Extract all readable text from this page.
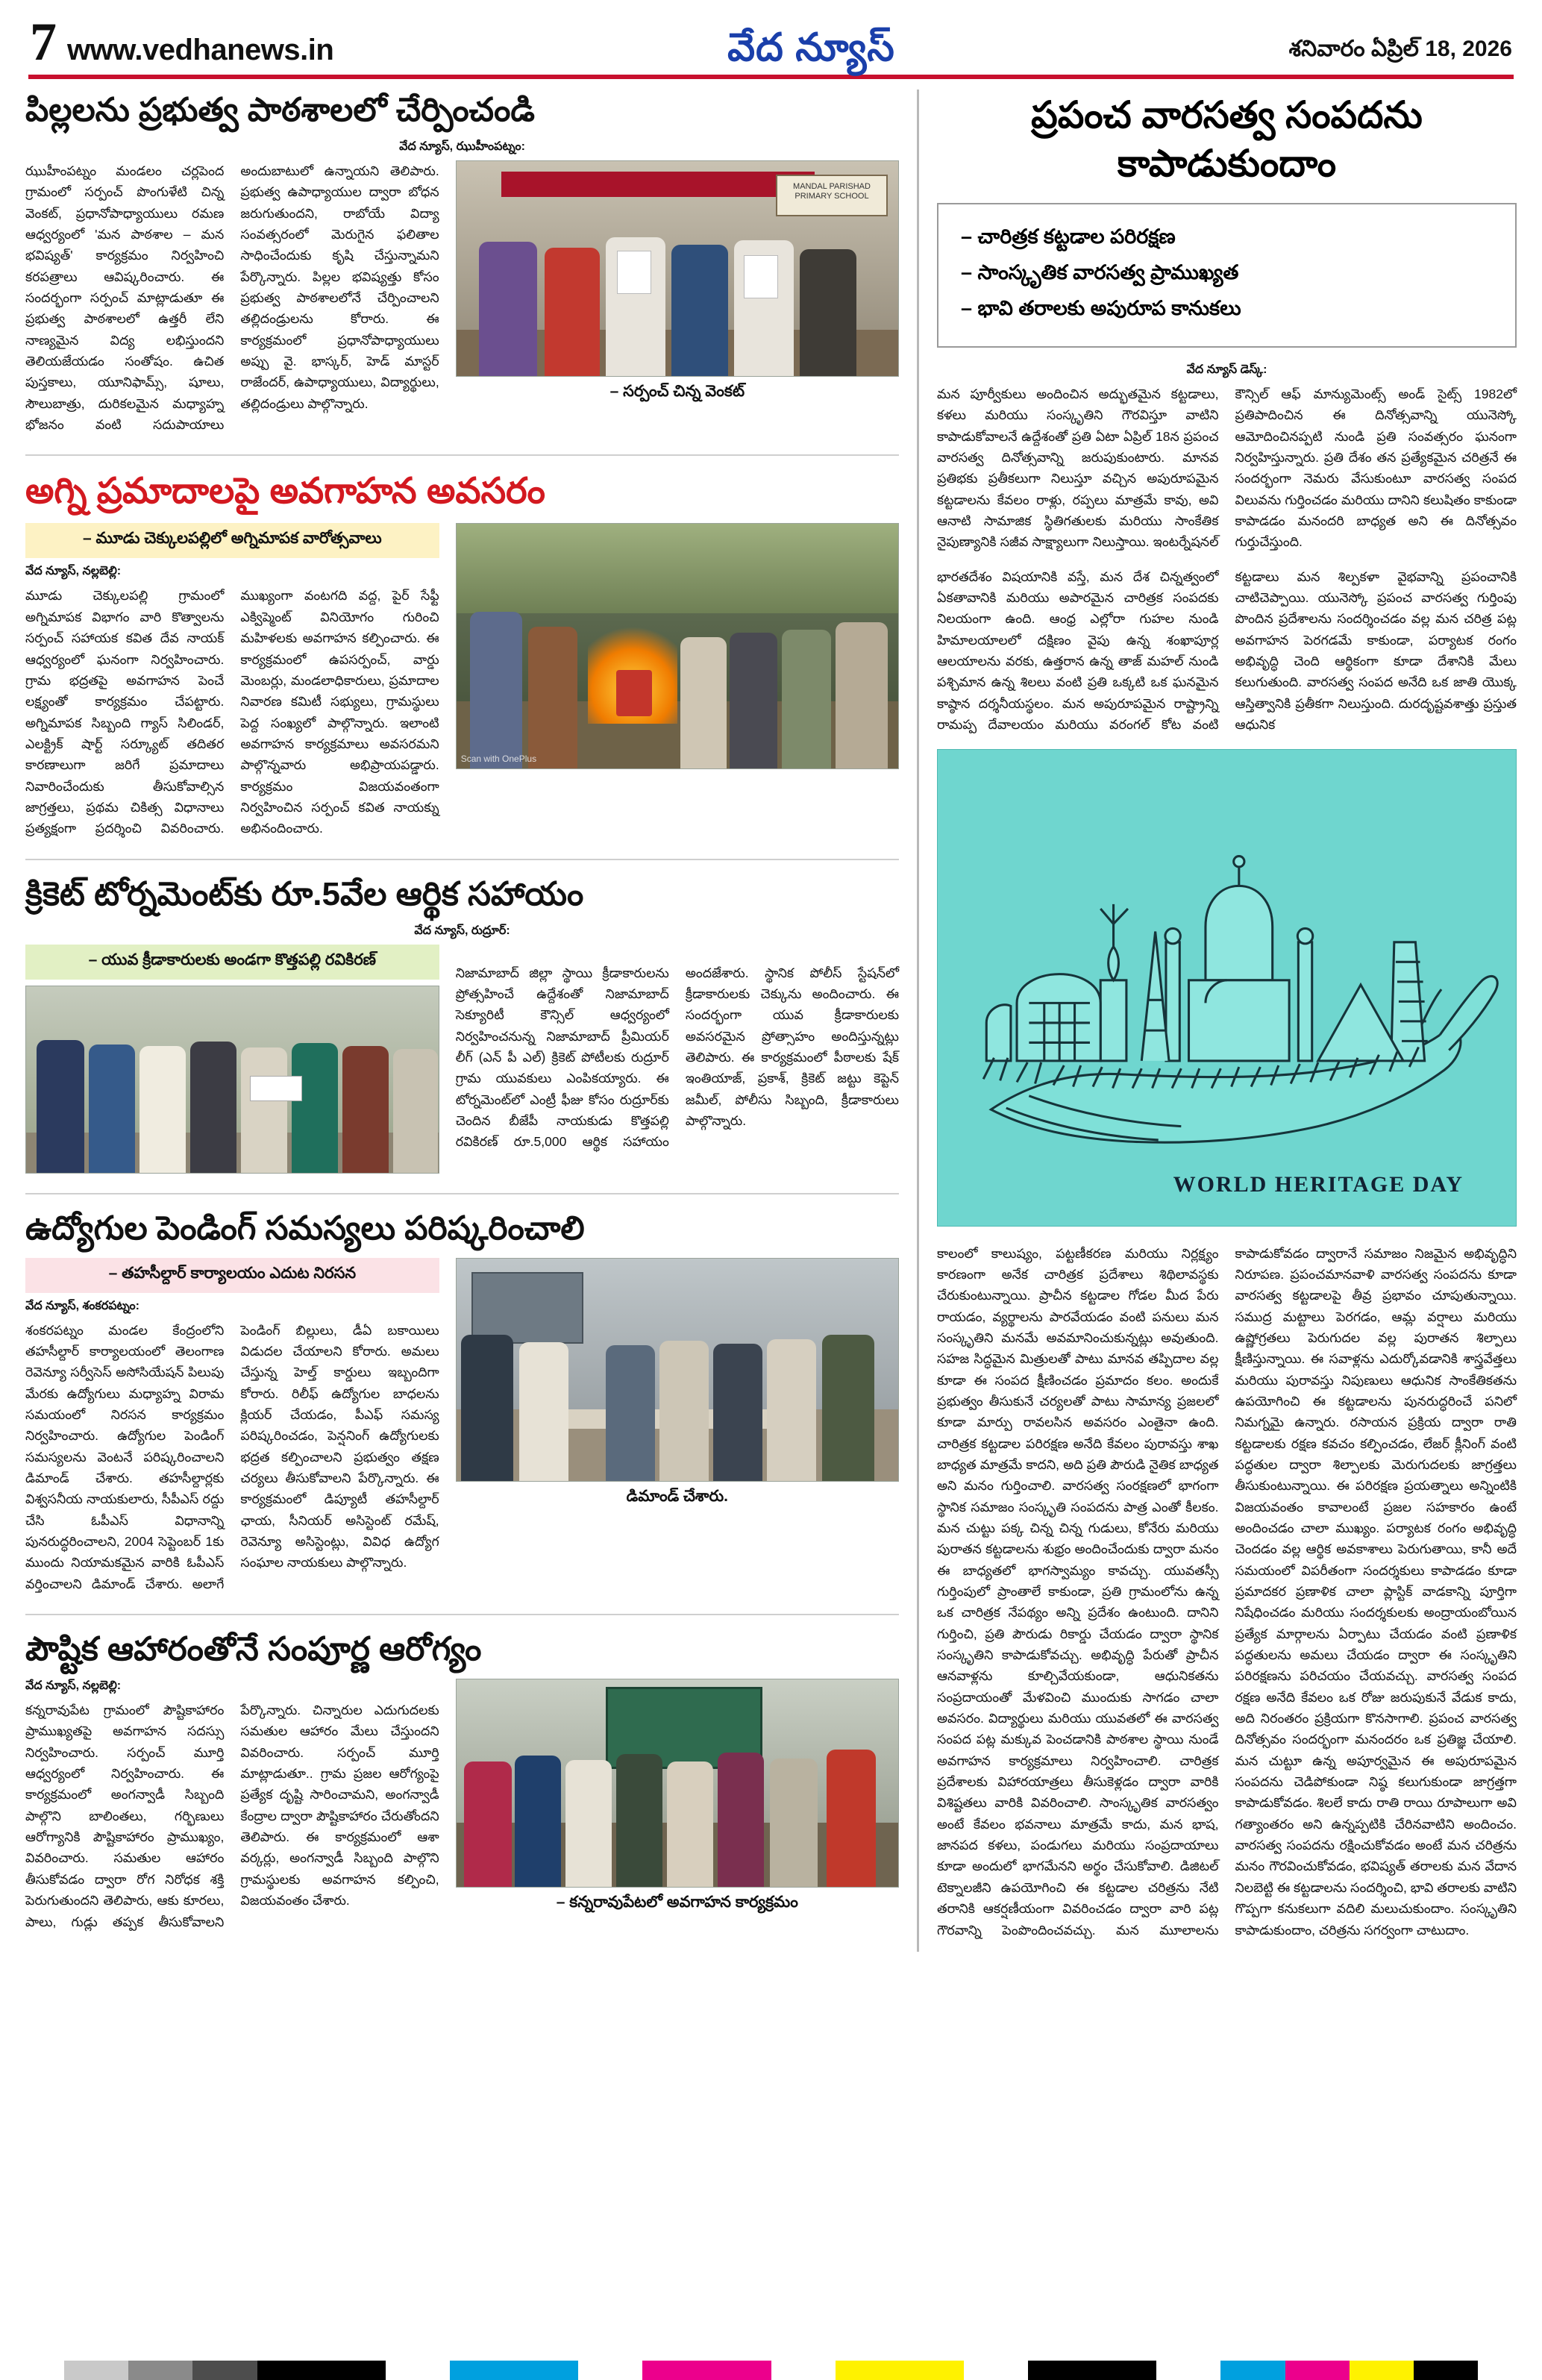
7 www.vedhanews.in	వేద న్యూస్	శనివారం ఏప్రిల్ 18, 2026
పిల్లలను ప్రభుత్వ పాఠశాలలో చేర్పించండి
వేద న్యూస్, ఝుహీంపట్నం:
ఝుహీంపట్నం మండలం చర్లపెంద గ్రామంలో సర్పంచ్ పొంగుళేటి చిన్న వెంకట్, ప్రధానోపాధ్యాయులు రమణ ఆధ్వర్యంలో 'మన పాఠశాల – మన భవిష్యత్' కార్యక్రమం నిర్వహించి కరపత్రాలు ఆవిష్కరించారు. ఈ సందర్భంగా సర్పంచ్ మాట్లాడుతూ ఈ ప్రభుత్వ పాఠశాలలో ఉత్తరీ లేని నాణ్యమైన విద్య లభిస్తుందని తెలియజేయడం సంతోషం. ఉచిత పుస్తకాలు, యూనిఫామ్స్, షూలు, సౌలుబాత్రు, దురికలమైన మధ్యాహ్న భోజనం వంటి సదుపాయాలు అందుబాటులో ఉన్నాయని తెలిపారు. ప్రభుత్వ ఉపాధ్యాయుల ద్వారా బోధన జరుగుతుందని, రాబోయే విద్యా సంవత్సరంలో మెరుగైన ఫలితాల సాధించేందుకు కృషి చేస్తున్నామని పేర్కొన్నారు. పిల్లల భవిష్యత్తు కోసం ప్రభుత్వ పాఠశాలలోనే చేర్పించాలని తల్లిదండ్రులను కోరారు. ఈ కార్యక్రమంలో ప్రధానోపాధ్యాయులు అప్పు వై. భాస్కర్, హెడ్ మాస్టర్ రాజేందర్, ఉపాధ్యాయులు, విద్యార్థులు, తల్లిదండ్రులు పాల్గొన్నారు.
MANDAL PARISHAD PRIMARY SCHOOL
– సర్పంచ్ చిన్న వెంకట్
అగ్ని ప్రమాదాలపై అవగాహన అవసరం
– మూడు చెక్కులపల్లిలో అగ్నిమాపక వారోత్సవాలు
వేద న్యూస్, నల్లబెల్లి:
మూడు చెక్కులపల్లి గ్రామంలో అగ్నిమాపక విభాగం వారి కొత్వాలను సర్పంచ్ సహాయక కవిత దేవ నాయక్ ఆధ్వర్యంలో ఘనంగా నిర్వహించారు. గ్రామ భద్రతపై అవగాహన పెంచే లక్ష్యంతో కార్యక్రమం చేపట్టారు. అగ్నిమాపక సిబ్బంది గ్యాస్ సిలిండర్, ఎలక్ట్రిక్ షార్ట్ సర్క్యూట్ తదితర కారణాలుగా జరిగే ప్రమాదాలు నివారించేందుకు తీసుకోవాల్సిన జాగ్రత్తలు, ప్రథమ చికిత్స విధానాలు ప్రత్యక్షంగా ప్రదర్శించి వివరించారు. ముఖ్యంగా వంటగది వద్ద, పైర్ సేఫ్టీ ఎక్విప్మెంట్ వినియోగం గురించి మహిళలకు అవగాహన కల్పించారు. ఈ కార్యక్రమంలో ఉపసర్పంచ్, వార్డు మెంబర్లు, మండలాధికారులు, ప్రమాదాల నివారణ కమిటీ సభ్యులు, గ్రామస్థులు పెద్ద సంఖ్యలో పాల్గొన్నారు. ఇలాంటి అవగాహన కార్యక్రమాలు అవసరమని పాల్గొన్నవారు అభిప్రాయపడ్డారు. కార్యక్రమం విజయవంతంగా నిర్వహించిన సర్పంచ్ కవిత నాయక్ను అభినందించారు.
Scan with OnePlus
క్రికెట్ టోర్నమెంట్‌కు రూ.5వేల ఆర్థిక సహాయం
వేద న్యూస్, రుద్రూర్:
– యువ క్రీడాకారులకు అండగా కొత్తపల్లి రవికిరణ్
నిజామాబాద్ జిల్లా స్థాయి క్రీడాకారులను ప్రోత్సహించే ఉద్దేశంతో నిజామాబాద్ సెక్యూరిటీ కౌన్సిల్ ఆధ్వర్యంలో నిర్వహించనున్న నిజామాబాద్ ప్రీమియర్ లీగ్ (ఎన్ పీ ఎల్) క్రికెట్ పోటీలకు రుద్రూర్ గ్రామ యువకులు ఎంపికయ్యారు. ఈ టోర్నమెంట్‌లో ఎంట్రీ ఫీజు కోసం రుద్రూర్‌కు చెందిన బీజేపీ నాయకుడు కొత్తపల్లి రవికిరణ్ రూ.5,000 ఆర్థిక సహాయం అందజేశారు. స్థానిక పోలీస్ స్టేషన్‌లో క్రీడాకారులకు చెక్కును అందించారు. ఈ సందర్భంగా యువ క్రీడాకారులకు అవసరమైన ప్రోత్సాహం అందిస్తున్నట్లు తెలిపారు. ఈ కార్యక్రమంలో పీఠాలకు షేక్ ఇంతియాజ్, ప్రకాశ్, క్రికెట్ జట్టు కెప్టెన్ జమీల్, పోలీసు సిబ్బంది, క్రీడాకారులు పాల్గొన్నారు.
ఉద్యోగుల పెండింగ్ సమస్యలు పరిష్కరించాలి
– తహసీల్దార్ కార్యాలయం ఎదుట నిరసన
వేద న్యూస్, శంకరపట్నం:
శంకరపట్నం మండల కేంద్రంలోని తహసీల్దార్ కార్యాలయంలో తెలంగాణ రెవెన్యూ సర్వీసెస్ అసోసియేషన్ పిలుపు మేరకు ఉద్యోగులు మధ్యాహ్న విరామ సమయంలో నిరసన కార్యక్రమం నిర్వహించారు. ఉద్యోగుల పెండింగ్ సమస్యలను వెంటనే పరిష్కరించాలని డిమాండ్ చేశారు. తహసీల్దార్లకు విశ్వసనీయ నాయకులారు, సీపీఎస్ రద్దు చేసి ఓపీఎస్ విధానాన్ని పునరుద్ధరించాలని, 2004 సెప్టెంబర్ 1కు ముందు నియామకమైన వారికి ఓపీఎస్ వర్తించాలని డిమాండ్ చేశారు. అలాగే పెండింగ్ బిల్లులు, డీఏ బకాయిలు విడుదల చేయాలని కోరారు. అమలు చేస్తున్న హెల్త్ కార్డులు ఇబ్బందిగా కోరారు. రిలీఫ్ ఉద్యోగుల బాధలను క్లియర్ చేయడం, పీఎఫ్ సమస్య పరిష్కరించడం, పెన్షనింగ్ ఉద్యోగులకు భద్రత కల్పించాలని ప్రభుత్వం తక్షణ చర్యలు తీసుకోవాలని పేర్కొన్నారు. ఈ కార్యక్రమంలో డిప్యూటీ తహసీల్దార్ ఛాయ, సీనియర్ అసిస్టెంట్ రమేష్, రెవెన్యూ అసిస్టెంట్లు, వివిధ ఉద్యోగ సంఘాల నాయకులు పాల్గొన్నారు.
డిమాండ్ చేశారు.
పౌష్టిక ఆహారంతోనే సంపూర్ణ ఆరోగ్యం
వేద న్యూస్, నల్లబెల్లి:
కన్నరావుపేట గ్రామంలో పౌష్టికాహారం ప్రాముఖ్యతపై అవగాహన సదస్సు నిర్వహించారు. సర్పంచ్ మూర్తి ఆధ్వర్యంలో నిర్వహించారు. ఈ కార్యక్రమంలో అంగన్వాడీ సిబ్బంది పాల్గొని బాలింతలు, గర్భిణులు ఆరోగ్యానికి పౌష్టికాహారం ప్రాముఖ్యం, వివరించారు. సమతుల ఆహారం తీసుకోవడం ద్వారా రోగ నిరోధక శక్తి పెరుగుతుందని తెలిపారు, ఆకు కూరలు, పాలు, గుడ్లు తప్పక తీసుకోవాలని పేర్కొన్నారు. చిన్నారుల ఎదుగుదలకు సమతుల ఆహారం మేలు చేస్తుందని వివరించారు. సర్పంచ్ మూర్తి మాట్లాడుతూ.. గ్రామ ప్రజల ఆరోగ్యంపై ప్రత్యేక దృష్టి సారించామని, అంగన్వాడీ కేంద్రాల ద్వారా పౌష్టికాహారం చేరుతోందని తెలిపారు. ఈ కార్యక్రమంలో ఆశా వర్కర్లు, అంగన్వాడీ సిబ్బంది పాల్గొని గ్రామస్థులకు అవగాహన కల్పించి, విజయవంతం చేశారు.	– కన్నరావుపేటలో అవగాహన కార్యక్రమం
ప్రపంచ వారసత్వ సంపదను కాపాడుకుందాం
– చారిత్రక కట్టడాల పరిరక్షణ
– సాంస్కృతిక వారసత్వ ప్రాముఖ్యత
– భావి తరాలకు అపురూప కానుకలు
వేద న్యూస్ డెస్క్:
మన పూర్వీకులు అందించిన అద్భుతమైన కట్టడాలు, కళలు మరియు సంస్కృతిని గౌరవిస్తూ వాటిని కాపాడుకోవాలనే ఉద్దేశంతో ప్రతి ఏటా ఏప్రిల్ 18న ప్రపంచ వారసత్వ దినోత్సవాన్ని జరుపుకుంటారు. మానవ ప్రతిభకు ప్రతీకలుగా నిలుస్తూ వచ్చిన అపురూపమైన కట్టడాలను కేవలం రాళ్లు, రప్పలు మాత్రమే కావు, అవి ఆనాటి సామాజిక స్థితిగతులకు మరియు సాంకేతిక నైపుణ్యానికి సజీవ సాక్ష్యాలుగా నిలుస్తాయి. ఇంటర్నేషనల్ కౌన్సిల్ ఆఫ్ మాన్యుమెంట్స్ అండ్ సైట్స్ 1982లో ప్రతిపాదించిన ఈ దినోత్సవాన్ని యునెస్కో ఆమోదించినప్పటి నుండి ప్రతి సంవత్సరం ఘనంగా నిర్వహిస్తున్నారు. ప్రతి దేశం తన ప్రత్యేకమైన చరిత్రనే ఈ సందర్భంగా నెమరు వేసుకుంటూ వారసత్వ సంపద విలువను గుర్తించడం మరియు దానిని కలుషితం కాకుండా కాపాడడం మనందరి బాధ్యత అని ఈ దినోత్సవం గుర్తుచేస్తుంది.
భారతదేశం విషయానికి వస్తే, మన దేశ చిన్నత్వంలో ఏకతావానికి మరియు అపారమైన చారిత్రక సంపదకు నిలయంగా ఉంది. ఆంధ్ర ఎల్లోరా గుహల నుండి హిమాలయాలలో దక్షిణం వైపు ఉన్న శంఖాపూర్ల ఆలయాలను వరకు, ఉత్తరాన ఉన్న తాజ్ మహల్ నుండి పశ్చిమాన ఉన్న శిలలు వంటి ప్రతి ఒక్కటి ఒక ఘనమైన కాష్ఠాన దర్శనీయస్థలం. మన అపురూపమైన రాష్ట్రాన్ని రామప్ప దేవాలయం మరియు వరంగల్ కోట వంటి కట్టడాలు మన శిల్పకళా వైభవాన్ని ప్రపంచానికి చాటిచెప్పాయి. యునెస్కో ప్రపంచ వారసత్వ గుర్తింపు పొందిన ప్రదేశాలను సందర్శించడం వల్ల మన చరిత్ర పట్ల అవగాహన పెరగడమే కాకుండా, పర్యాటక రంగం అభివృద్ధి చెంది ఆర్థికంగా కూడా దేశానికి మేలు కలుగుతుంది. వారసత్వ సంపద అనేది ఒక జాతి యొక్క ఆస్తిత్వానికి ప్రతీకగా నిలుస్తుంది. దురదృష్టవశాత్తు ప్రస్తుత ఆధునిక
WORLD HERITAGE DAY
కాలంలో కాలుష్యం, పట్టణీకరణ మరియు నిర్లక్ష్యం కారణంగా అనేక చారిత్రక ప్రదేశాలు శిథిలావస్థకు చేరుకుంటున్నాయి. ప్రాచీన కట్టడాల గోడల మీద పేరు రాయడం, వ్యర్థాలను పారవేయడం వంటి పనులు మన సంస్కృతిని మనమే అవమానించుకున్నట్లు అవుతుంది. సహజ సిద్ధమైన మిత్రులతో పాటు మానవ తప్పిదాల వల్ల కూడా ఈ సంపద క్షీణించడం ప్రమాదం కలం. అందుకే ప్రభుత్వం తీసుకునే చర్యలతో పాటు సామాన్య ప్రజలలో కూడా మార్పు రావలసిన అవసరం ఎంతైనా ఉంది. చారిత్రక కట్టడాల పరిరక్షణ అనేది కేవలం పురావస్తు శాఖ బాధ్యత మాత్రమే కాదని, అది ప్రతి పౌరుడి నైతిక బాధ్యత అని మనం గుర్తించాలి. వారసత్వ సంరక్షణలో భాగంగా స్థానిక సమాజం సంస్కృతి సంపదను పాత్ర ఎంతో కీలకం. మన చుట్టు పక్క చిన్న చిన్న గుడులు, కోనేరు మరియు పురాతన కట్టడాలను శుభ్రం అందించేందుకు ద్వారా మనం ఈ బాధ్యతలో భాగస్వామ్యం కావచ్చు. యువతస్సీ గుర్తింపులో ప్రాంతాలే కాకుండా, ప్రతి గ్రామంలోను ఉన్న ఒక చారిత్రక నేపథ్యం అన్ని ప్రదేశం ఉంటుంది. దానిని గుర్తించి, ప్రతి పౌరుడు రికార్డు చేయడం ద్వారా స్థానిక సంస్కృతిని కాపాడుకోవచ్చు. అభివృద్ధి పేరుతో ప్రాచీన ఆనవాళ్లను కూల్చివేయకుండా, ఆధునికతను సంప్రదాయంతో మేళవించి ముందుకు సాగడం చాలా అవసరం. విద్యార్థులు మరియు యువతలో ఈ వారసత్వ సంపద పట్ల మక్కువ పెంచడానికి పాఠశాల స్థాయి నుండే అవగాహన కార్యక్రమాలు నిర్వహించాలి. చారిత్రక ప్రదేశాలకు విహారయాత్రలు తీసుకెళ్లడం ద్వారా వారికి విశిష్టతలు వారికి వివరించాలి. సాంస్కృతిక వారసత్వం అంటే కేవలం భవనాలు మాత్రమే కాదు, మన భాష, జానపద కళలు, పండుగలు మరియు సంప్రదాయాలు కూడా అందులో భాగమేనని అర్థం చేసుకోవాలి. డిజిటల్ టెక్నాలజీని ఉపయోగించి ఈ కట్టడాల చరిత్రను నేటి తరానికి ఆకర్షణీయంగా వివరించడం ద్వారా వారి పట్ల గౌరవాన్ని పెంపొందించవచ్చు. మన మూలాలను కాపాడుకోవడం ద్వారానే సమాజం నిజమైన అభివృద్ధిని నిరూపణ. ప్రపంచమానవాళి వారసత్వ సంపదను కూడా వారసత్వ కట్టడాలపై తీవ్ర ప్రభావం చూపుతున్నాయి. సముద్ర మట్టాలు పెరగడం, ఆమ్ల వర్షాలు మరియు ఉష్ణోగ్రతలు పెరుగుదల వల్ల పురాతన శిల్పాలు క్షీణిస్తున్నాయి. ఈ సవాళ్లను ఎదుర్కోవడానికి శాస్త్రవేత్తలు మరియు పురావస్తు నిపుణులు ఆధునిక సాంకేతికతను ఉపయోగించి ఈ కట్టడాలను పునరుద్ధరించే పనిలో నిమగ్నమై ఉన్నారు. రసాయన ప్రక్రియ ద్వారా రాతి కట్టడాలకు రక్షణ కవచం కల్పించడం, లేజర్ క్లీనింగ్ వంటి పద్ధతుల ద్వారా శిల్పాలకు మెరుగుదలకు జాగ్రత్తలు తీసుకుంటున్నాయి. ఈ పరిరక్షణ ప్రయత్నాలు అన్నింటికి విజయవంతం కావాలంటే ప్రజల సహకారం ఉంటే అందించడం చాలా ముఖ్యం. పర్యాటక రంగం అభివృద్ధి చెందడం వల్ల ఆర్థిక అవకాశాలు పెరుగుతాయి, కానీ అదే సమయంలో విపరీతంగా సందర్శకులు కాపాడడం కూడా ప్రమాదకర ప్రణాళిక చాలా ప్లాస్టిక్ వాడకాన్ని పూర్తిగా నిషేధించడం మరియు సందర్శకులకు అంద్రాయంబోయిన ప్రత్యేక మార్గాలను ఏర్పాటు చేయడం వంటి ప్రణాళిక పద్ధతులను అమలు చేయడం ద్వారా ఈ సంస్కృతిని పరిరక్షణను పరిచయం చేయవచ్చు. వారసత్వ సంపద రక్షణ అనేది కేవలం ఒక రోజు జరుపుకునే వేడుక కాదు, అది నిరంతరం ప్రక్రియగా కొనసాగాలి. ప్రపంచ వారసత్వ దినోత్సవం సందర్భంగా మనందరం ఒక ప్రతిజ్ఞ చేయాలి. మన చుట్టూ ఉన్న అపూర్వమైన ఈ అపురూపమైన సంపదను చెడిపోకుండా నిష్ఠ కలుగుకుండా జాగ్రత్తగా కాపాడుకోవడం. శిలలే కాదు రాతి రాయి రూపాలుగా అవి గత్యాంతరం అని ఉన్నప్పటికి చేరినవాటిని అందించం. వారసత్వ సంపదను రక్షించుకోవడం అంటే మన చరిత్రను మనం గౌరవించుకోవడం, భవిష్యత్ తరాలకు మన వేదాన నిలబెట్టి ఈ కట్టడాలను సందర్శించి, భావి తరాలకు వాటిని గొప్పగా కనుకలుగా వదిలి మలుచుకుందాం. సంస్కృతిని కాపాడుకుందాం, చరిత్రను సగర్వంగా చాటుదాం.
